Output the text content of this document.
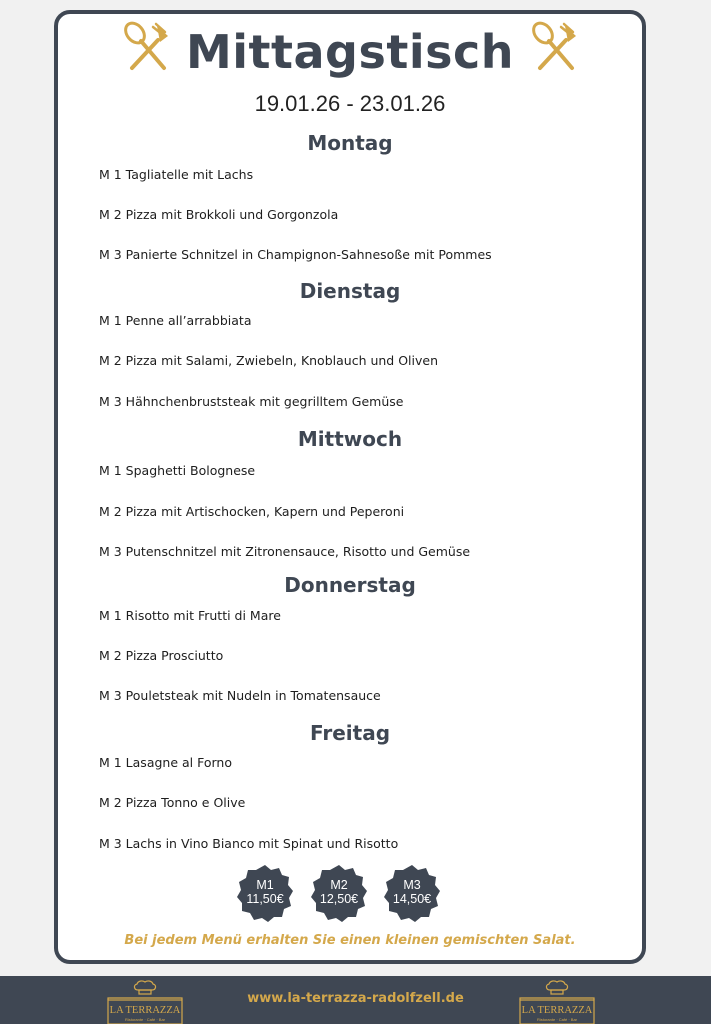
Mittagstisch
19.01.26 - 23.01.26
Montag
M 1 Tagliatelle mit Lachs
M 2 Pizza mit Brokkoli und Gorgonzola
M 3 Panierte Schnitzel in Champignon-Sahnesoße mit Pommes
Dienstag
M 1 Penne all’arrabbiata
M 2 Pizza mit Salami, Zwiebeln, Knoblauch und Oliven
M 3 Hähnchenbruststeak mit gegrilltem Gemüse
Mittwoch
M 1 Spaghetti Bolognese
M 2 Pizza mit Artischocken, Kapern und Peperoni
M 3 Putenschnitzel mit Zitronensauce, Risotto und Gemüse
Donnerstag
M 1 Risotto mit Frutti di Mare
M 2 Pizza Prosciutto
M 3 Pouletsteak mit Nudeln in Tomatensauce
Freitag
M 1 Lasagne al Forno
M 2 Pizza Tonno e Olive
M 3 Lachs in Vino Bianco mit Spinat und Risotto
M1
11,50€
M2
12,50€
M3
14,50€
Bei jedem Menü erhalten Sie einen kleinen gemischten Salat.
LA TERRAZZA
Ristorante · Café · Bar
www.la-terrazza-radolfzell.de
LA TERRAZZA
Ristorante · Café · Bar
